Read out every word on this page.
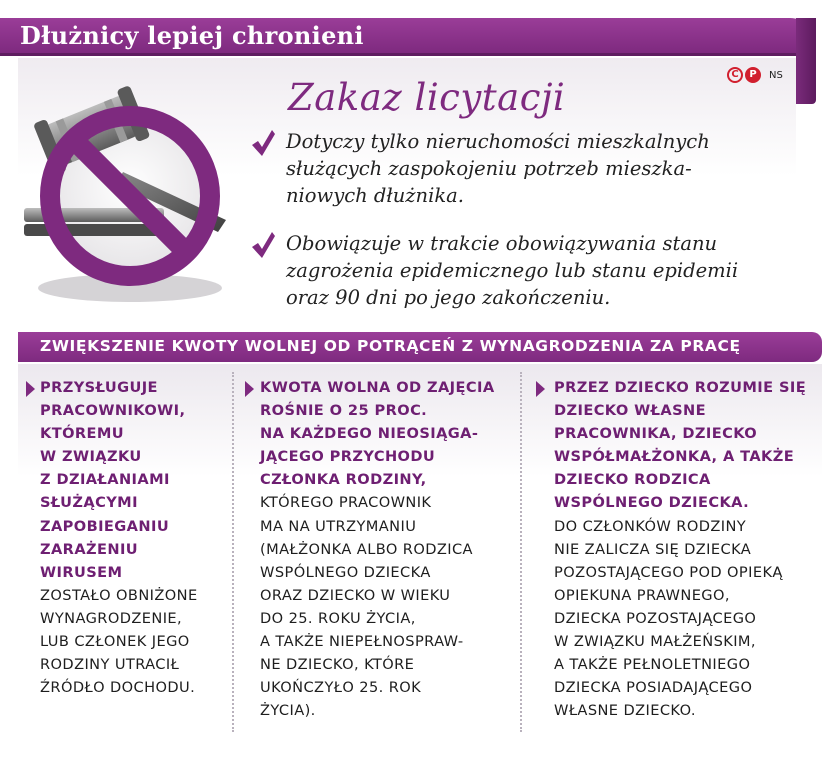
Dłużnicy lepiej chronieni
C	P	NS
Zakaz licytacji
Dotyczy tylko nieruchomości mieszkalnych
służących zaspokojeniu potrzeb mieszka-
niowych dłużnika.
Obowiązuje w trakcie obowiązywania stanu
zagrożenia epidemicznego lub stanu epidemii
oraz 90 dni po jego zakończeniu.
ZWIĘKSZENIE KWOTY WOLNEJ OD POTRĄCEŃ Z WYNAGRODZENIA ZA PRACĘ
PRZYSŁUGUJE
PRACOWNIKOWI,
KTÓREMU
W ZWIĄZKU
Z DZIAŁANIAMI
SŁUŻĄCYMI
ZAPOBIEGANIU
ZARAŻENIU
WIRUSEM
ZOSTAŁO OBNIŻONE
WYNAGRODZENIE,
LUB CZŁONEK JEGO
RODZINY UTRACIŁ
ŹRÓDŁO DOCHODU.
KWOTA WOLNA OD ZAJĘCIA
ROŚNIE O 25 PROC.
NA KAŻDEGO NIEOSIĄGA-
JĄCEGO PRZYCHODU
CZŁONKA RODZINY,
KTÓREGO PRACOWNIK
MA NA UTRZYMANIU
(MAŁŻONKA ALBO RODZICA
WSPÓLNEGO DZIECKA
ORAZ DZIECKO W WIEKU
DO 25. ROKU ŻYCIA,
A TAKŻE NIEPEŁNOSPRAW-
NE DZIECKO, KTÓRE
UKOŃCZYŁO 25. ROK
ŻYCIA).
PRZEZ DZIECKO ROZUMIE SIĘ
DZIECKO WŁASNE
PRACOWNIKA, DZIECKO
WSPÓŁMAŁŻONKA, A TAKŻE
DZIECKO RODZICA
WSPÓLNEGO DZIECKA.
DO CZŁONKÓW RODZINY
NIE ZALICZA SIĘ DZIECKA
POZOSTAJĄCEGO POD OPIEKĄ
OPIEKUNA PRAWNEGO,
DZIECKA POZOSTAJĄCEGO
W ZWIĄZKU MAŁŻEŃSKIM,
A TAKŻE PEŁNOLETNIEGO
DZIECKA POSIADAJĄCEGO
WŁASNE DZIECKO.
